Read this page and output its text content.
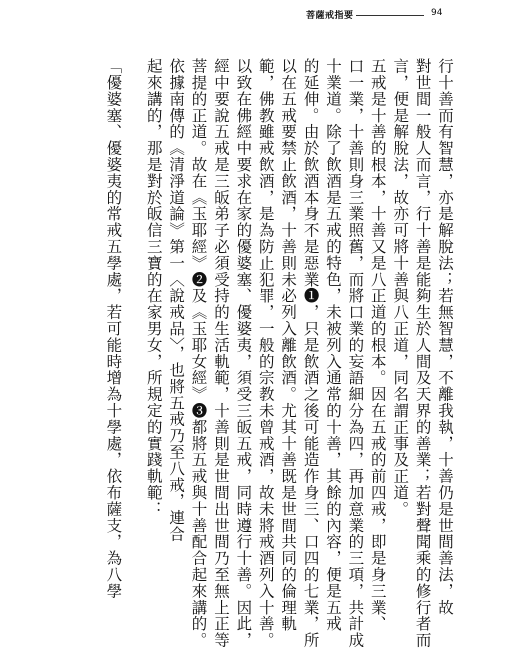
菩薩戒指要	94

行十善而有智慧，亦是解脫法；若無智慧，不離我執，十善仍是世間善法，故

對世間一般人而言，行十善是能夠生於人間及天界的善業；若對聲聞乘的修行者而

言，便是解脫法，故亦可將十善與八正道，同名謂正事及正道。

五戒是十善的根本，十善又是八正道的根本。因在五戒的前四戒，即是身三業、

口一業，十善則身三業照舊，而將口業的妄語細分為四，再加意業的三項，共計成

十業道。除了飲酒是五戒的特色，未被列入通常的十善，其餘的內容，便是五戒

的延伸。由於飲酒本身不是惡業❶，只是飲酒之後可能造作身三、口四的七業，所

以在五戒要禁止飲酒，十善則未必列入離飲酒。尤其十善既是世間共同的倫理軌

範，佛教雖戒飲酒，是為防止犯罪，一般的宗教未曾戒酒，故未將戒酒列入十善。

以致在佛經中要求在家的優婆塞、優婆夷，須受三皈五戒，同時遵行十善。因此，

經中要說五戒是三皈弟子必須受持的生活軌範，十善則是世間出世間乃至無上正等

菩提的正道。故在《玉耶經》❷及《玉耶女經》❸都將五戒與十善配合起來講的。

依據南傳的《清淨道論》第一〈說戒品〉，也將五戒乃至八戒，連合

起來講的，那是對於皈信三寶的在家男女，所規定的實踐軌範：

「優婆塞、優婆夷的常戒五學處，若可能時增為十學處，依布薩支，為八學
